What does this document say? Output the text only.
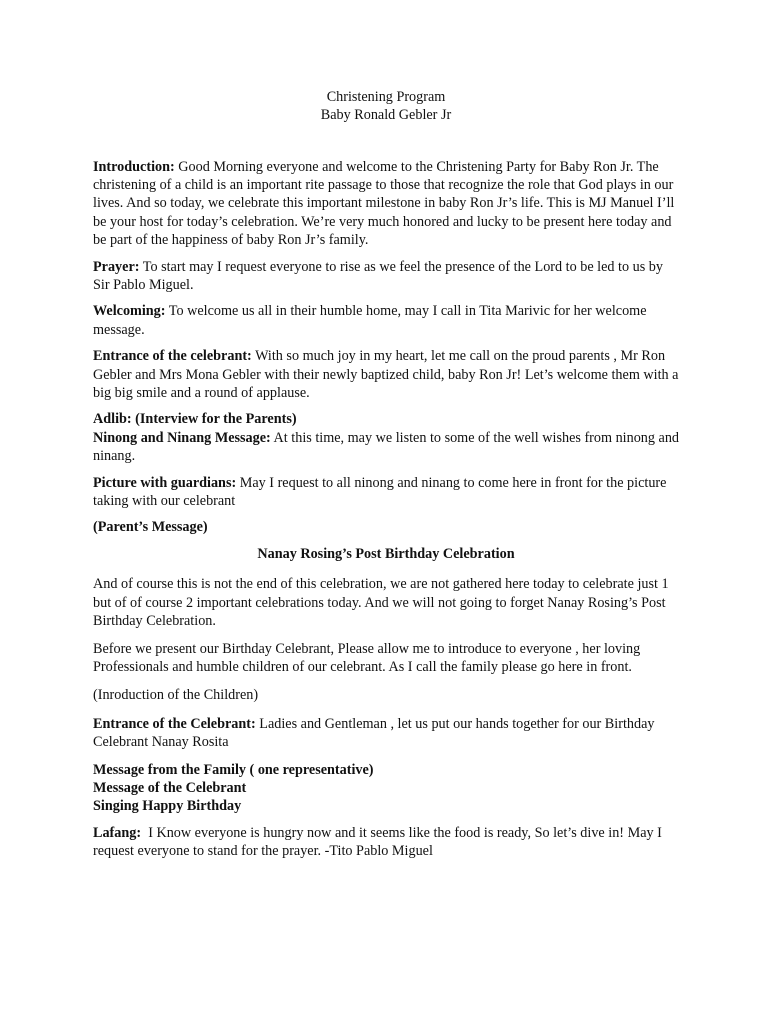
Christening Program
Baby Ronald Gebler Jr

Introduction: Good Morning everyone and welcome to the Christening Party for Baby Ron Jr. The christening of a child is an important rite passage to those that recognize the role that God plays in our lives. And so today, we celebrate this important milestone in baby Ron Jr’s life. This is MJ Manuel I’ll be your host for today’s celebration. We’re very much honored and lucky to be present here today and be part of the happiness of baby Ron Jr’s family.

Prayer: To start may I request everyone to rise as we feel the presence of the Lord to be led to us by Sir Pablo Miguel.

Welcoming: To welcome us all in their humble home, may I call in Tita Marivic for her welcome message.

Entrance of the celebrant: With so much joy in my heart, let me call on the proud parents , Mr Ron Gebler and Mrs Mona Gebler with their newly baptized child, baby Ron Jr! Let’s welcome them with a big big smile and a round of applause.

Adlib: (Interview for the Parents)

Ninong and Ninang Message: At this time, may we listen to some of the well wishes from ninong and ninang.

Picture with guardians: May I request to all ninong and ninang to come here in front for the picture taking with our celebrant

(Parent’s Message)

Nanay Rosing’s Post Birthday Celebration

And of course this is not the end of this celebration, we are not gathered here today to celebrate just 1 but of of course 2 important celebrations today. And we will not going to forget Nanay Rosing’s Post Birthday Celebration.

Before we present our Birthday Celebrant, Please allow me to introduce to everyone , her loving Professionals and humble children of our celebrant. As I call the family please go here in front.

(Inroduction of the Children)

Entrance of the Celebrant: Ladies and Gentleman , let us put our hands together for our Birthday Celebrant Nanay Rosita

Message from the Family ( one representative)

Message of the Celebrant

Singing Happy Birthday

Lafang:  I Know everyone is hungry now and it seems like the food is ready, So let’s dive in! May I request everyone to stand for the prayer. -Tito Pablo Miguel
